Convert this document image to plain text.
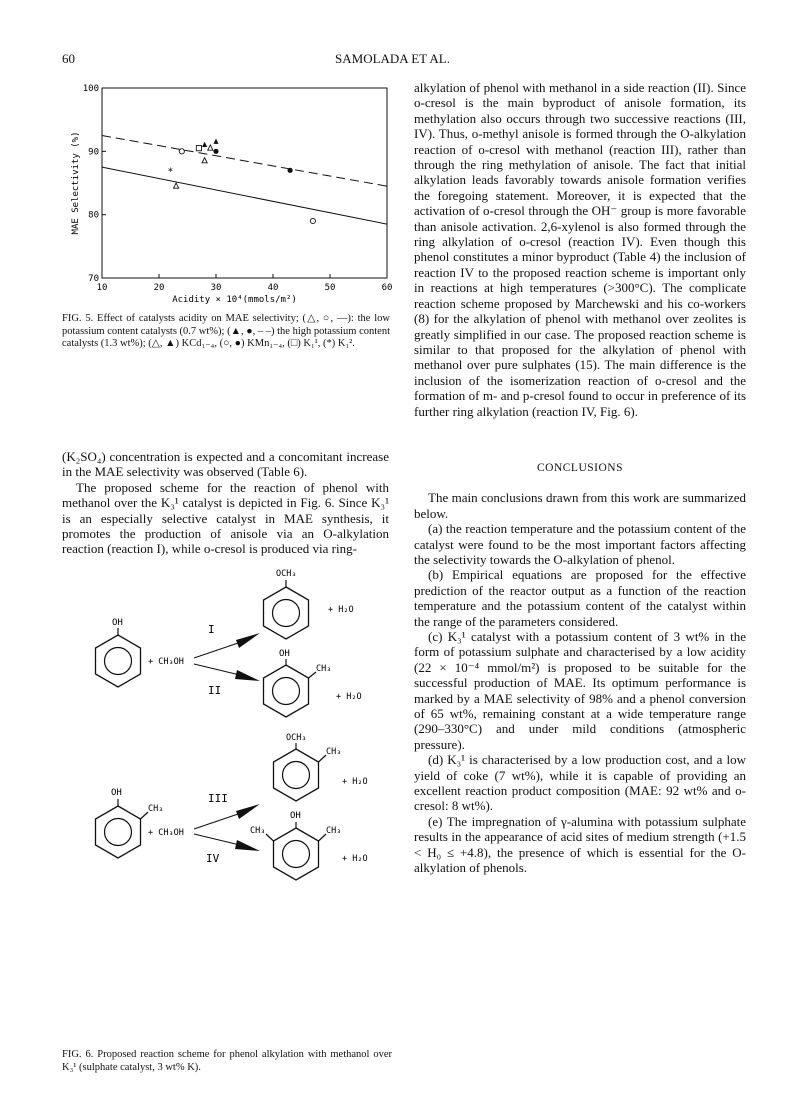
60	SAMOLADA ET AL.
10	20	30	40	50	60
70
80
90
100
Acidity × 10⁴(mmols/m²)
MAE Selectivity (%)	*
FIG. 5. Effect of catalysts acidity on MAE selectivity; (△, ○, —): the low potassium content catalysts (0.7 wt%); (▲, ●, – –) the high potassium content catalysts (1.3 wt%); (△, ▲) KCd₁₋₄, (○, ●) KMn₁₋₄, (□) K₁¹, (*) K₁².

(K₂SO₄) concentration is expected and a concomitant increase in the MAE selectivity was observed (Table 6).

The proposed scheme for the reaction of phenol with methanol over the K₃¹ catalyst is depicted in Fig. 6. Since K₃¹ is an especially selective catalyst in MAE synthesis, it promotes the production of anisole via an O-alkylation reaction (reaction I), while o-cresol is produced via ring-

OH
+ CH₃OH
I
II
OCH₃
+ H₂O
OH
CH₃
+ H₂O
OH
CH₃
+ CH₃OH
III
IV
OCH₃
CH₃
+ H₂O
OH
CH₃	CH₃
+ H₂O
FIG. 6. Proposed reaction scheme for phenol alkylation with methanol over K₃¹ (sulphate catalyst, 3 wt% K).

alkylation of phenol with methanol in a side reaction (II). Since o-cresol is the main byproduct of anisole formation, its methylation also occurs through two successive reactions (III, IV). Thus, o-methyl anisole is formed through the O-alkylation reaction of o-cresol with methanol (reaction III), rather than through the ring methylation of anisole. The fact that initial alkylation leads favorably towards anisole formation verifies the foregoing statement. Moreover, it is expected that the activation of o-cresol through the OH⁻ group is more favorable than anisole activation. 2,6-xylenol is also formed through the ring alkylation of o-cresol (reaction IV). Even though this phenol constitutes a minor byproduct (Table 4) the inclusion of reaction IV to the proposed reaction scheme is important only in reactions at high temperatures (>300°C). The complicate reaction scheme proposed by Marchewski and his co-workers (8) for the alkylation of phenol with methanol over zeolites is greatly simplified in our case. The proposed reaction scheme is similar to that proposed for the alkylation of phenol with methanol over pure sulphates (15). The main difference is the inclusion of the isomerization reaction of o-cresol and the formation of m- and p-cresol found to occur in preference of its further ring alkylation (reaction IV, Fig. 6).

CONCLUSIONS

The main conclusions drawn from this work are summarized below.

(a) the reaction temperature and the potassium content of the catalyst were found to be the most important factors affecting the selectivity towards the O-alkylation of phenol.

(b) Empirical equations are proposed for the effective prediction of the reactor output as a function of the reaction temperature and the potassium content of the catalyst within the range of the parameters considered.

(c) K₃¹ catalyst with a potassium content of 3 wt% in the form of potassium sulphate and characterised by a low acidity (22 × 10⁻⁴ mmol/m²) is proposed to be suitable for the successful production of MAE. Its optimum performance is marked by a MAE selectivity of 98% and a phenol conversion of 65 wt%, remaining constant at a wide temperature range (290–330°C) and under mild conditions (atmospheric pressure).

(d) K₃¹ is characterised by a low production cost, and a low yield of coke (7 wt%), while it is capable of providing an excellent reaction product composition (MAE: 92 wt% and o-cresol: 8 wt%).

(e) The impregnation of γ-alumina with potassium sulphate results in the appearance of acid sites of medium strength (+1.5 < H₀ ≤ +4.8), the presence of which is essential for the O-alkylation of phenols.
